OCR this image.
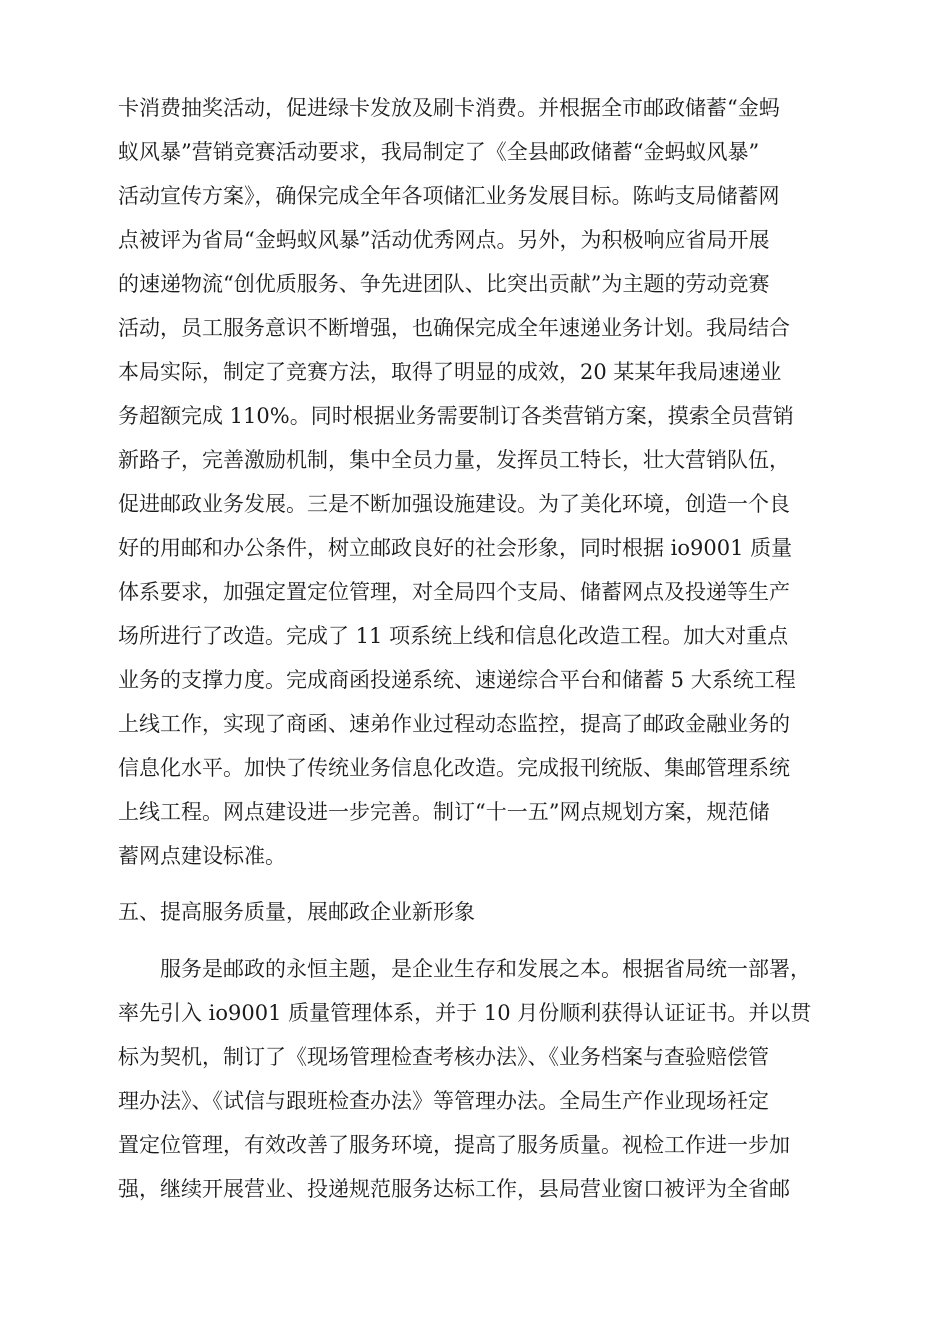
卡消费抽奖活动，促进绿卡发放及刷卡消费。并根据全市邮政储蓄“金蚂

蚁风暴”营销竞赛活动要求，我局制定了《全县邮政储蓄“金蚂蚁风暴”

活动宣传方案》，确保完成全年各项储汇业务发展目标。陈屿支局储蓄网

点被评为省局“金蚂蚁风暴”活动优秀网点。另外，为积极响应省局开展

的速递物流“创优质服务、争先进团队、比突出贡献”为主题的劳动竞赛

活动，员工服务意识不断增强，也确保完成全年速递业务计划。我局结合

本局实际，制定了竞赛方法，取得了明显的成效，20 某某年我局速递业

务超额完成 110%。同时根据业务需要制订各类营销方案，摸索全员营销

新路子，完善激励机制，集中全员力量，发挥员工特长，壮大营销队伍，

促进邮政业务发展。三是不断加强设施建设。为了美化环境，创造一个良

好的用邮和办公条件，树立邮政良好的社会形象，同时根据 io9001 质量

体系要求，加强定置定位管理，对全局四个支局、储蓄网点及投递等生产

场所进行了改造。完成了 11 项系统上线和信息化改造工程。加大对重点

业务的支撑力度。完成商函投递系统、速递综合平台和储蓄 5 大系统工程

上线工作，实现了商函、速弟作业过程动态监控，提高了邮政金融业务的

信息化水平。加快了传统业务信息化改造。完成报刊统版、集邮管理系统

上线工程。网点建设进一步完善。制订“十一五”网点规划方案，规范储

蓄网点建设标准。

五、提高服务质量，展邮政企业新形象

服务是邮政的永恒主题，是企业生存和发展之本。根据省局统一部署，

率先引入 io9001 质量管理体系，并于 10 月份顺利获得认证证书。并以贯

标为契机，制订了《现场管理检查考核办法》、《业务档案与查验赔偿管

理办法》、《试信与跟班检查办法》等管理办法。全局生产作业现场衽定

置定位管理，有效改善了服务环境，提高了服务质量。视检工作进一步加

强，继续开展营业、投递规范服务达标工作，县局营业窗口被评为全省邮
